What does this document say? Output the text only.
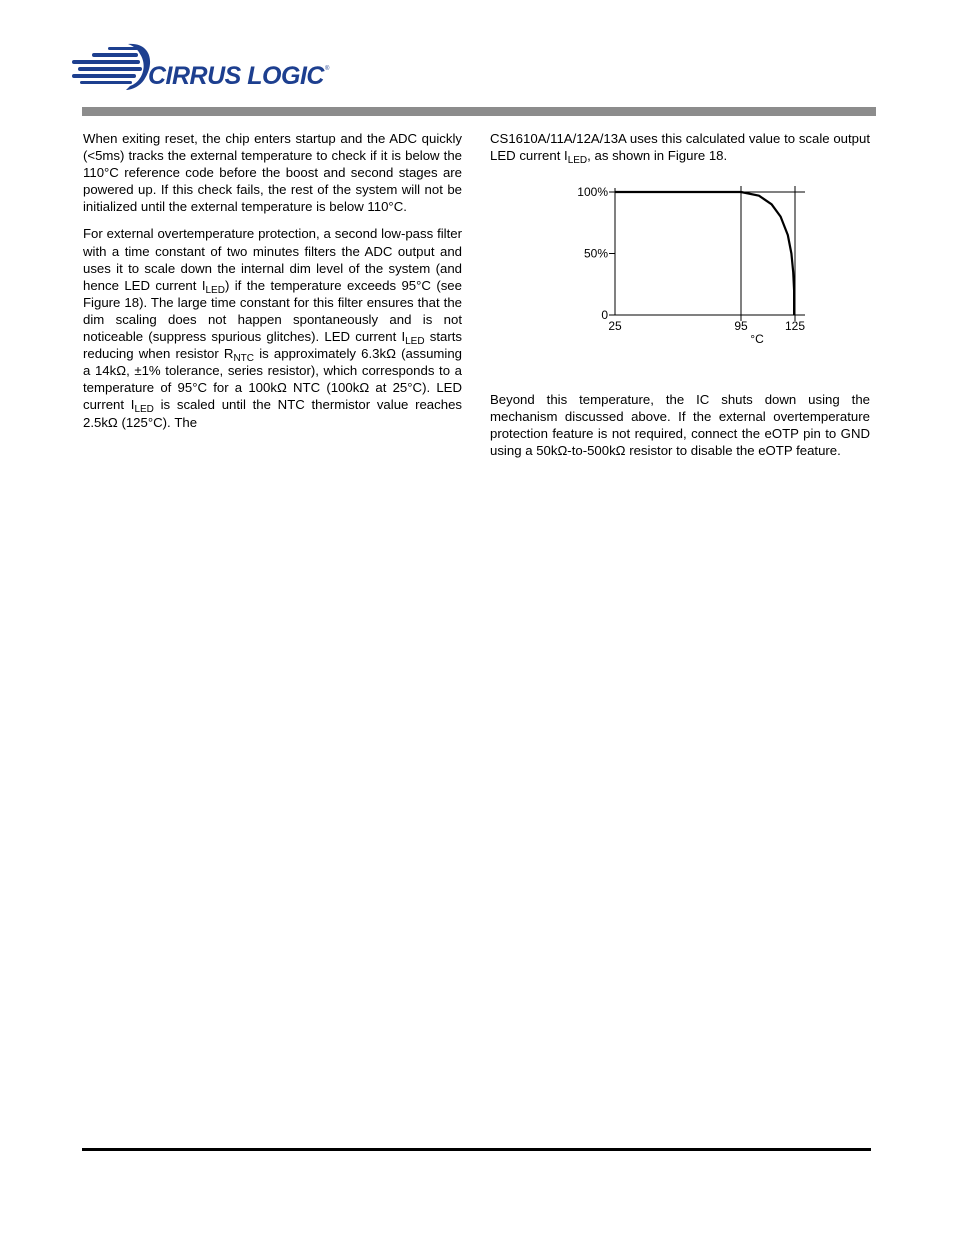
CIRRUS LOGIC®

When exiting reset, the chip enters startup and the ADC quickly (<5ms) tracks the external temperature to check if it is below the 110°C reference code before the boost and second stages are powered up. If this check fails, the rest of the system will not be initialized until the external temperature is below 110°C.

For external overtemperature protection, a second low-pass filter with a time constant of two minutes filters the ADC output and uses it to scale down the internal dim level of the system (and hence LED current $I_{LED}$) if the temperature exceeds 95°C (see Figure 18). The large time constant for this filter ensures that the dim scaling does not happen spontaneously and is not noticeable (suppress spurious glitches). LED current $I_{LED}$ starts reducing when resistor $R_{NTC}$ is approximately 6.3kΩ (assuming a 14kΩ, ±1% tolerance, series resistor), which corresponds to a temperature of 95°C for a 100kΩ NTC (100kΩ at 25°C). LED current $I_{LED}$ is scaled until the NTC thermistor value reaches 2.5kΩ (125°C). The

CS1610A/11A/12A/13A uses this calculated value to scale output LED current $I_{LED}$, as shown in Figure 18.

0
50%
100%
25	95	125
°C

Beyond this temperature, the IC shuts down using the mechanism discussed above. If the external overtemperature protection feature is not required, connect the eOTP pin to GND using a 50kΩ-to-500kΩ resistor to disable the eOTP feature.
